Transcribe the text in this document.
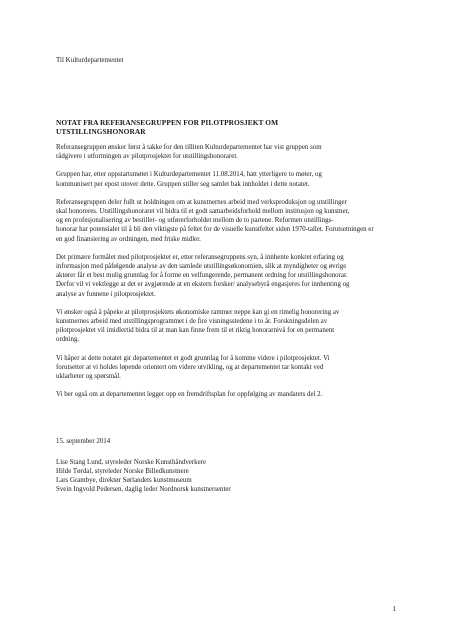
Til Kulturdepartementet
NOTAT FRA REFERANSEGRUPPEN FOR PILOTPROSJEKT OM UTSTILLINGSHONORAR

Referansegruppen ønsker først å takke for den tilliten Kulturdepartementet har vist gruppen som
rådgivere i utformingen av pilotprosjektet for utstillingshonoraret.

Gruppen har, etter oppstartsmøtet i Kulturdepartementet 11.08.2014, hatt ytterligere to møter, og
kommunisert per epost utover dette. Gruppen stiller seg samlet bak innholdet i dette notatet.

Referansegruppen deler fullt ut holdningen om at kunstnernes arbeid med verksproduksjon og utstillinger
skal honoreres. Utstillingshonoraret vil bidra til et godt samarbeidsforhold mellom institusjon og kunstner,
og en profesjonalisering av bestiller- og utførerforholdet mellom de to partene. Reformen utstillings-
honorar har potensialet til å bli den viktigste på feltet for de visuelle kunstfeltet siden 1970-tallet. Forutsetningen er
en god finansiering av ordningen, med friske midler.

Det primære formålet med pilotprosjektet er, etter referansegruppens syn, å innhente konkret erfaring og
informasjon med påfølgende analyse av den samlede utstillingsøkonomien, slik at myndigheter og øvrige
aktører får et best mulig grunnlag for å forme en velfungerende, permanent ordning for utstillingshonorar.
Derfor vil vi vektlegge at det er avgjørende at en ekstern forsker/ analysebyrå engasjeres for innhenting og
analyse av funnene i pilotprosjektet.

Vi ønsker også å påpeke at pilotprosjektets økonomiske rammer neppe kan gi en rimelig honorering av
kunstnernes arbeid med utstillingsprogrammet i de fire visningsstedene i to år. Forskningsdelen av
pilotprosjektet vil imidlertid bidra til at man kan finne frem til et riktig honorarnivå for en permanent
ordning.

Vi håper at dette notatet gir departementet et godt grunnlag for å komme videre i pilotprosjektet. Vi
forutsetter at vi holdes løpende orientert om videre utvikling, og at departementet tar kontakt ved
uklarheter og spørsmål.

Vi ber også om at departementet legger opp en fremdriftsplan for oppfølging av mandatets del 2.

15. september 2014
Lise Stang Lund, styreleder Norske Kunsthåndverkere
Hilde Tørdal, styreleder Norske Billedkunstnere
Lars Grambye, direktør Sørlandets kunstmuseum
Svein Ingvold Pedersen, daglig leder Nordnorsk kunstnersenter
1
